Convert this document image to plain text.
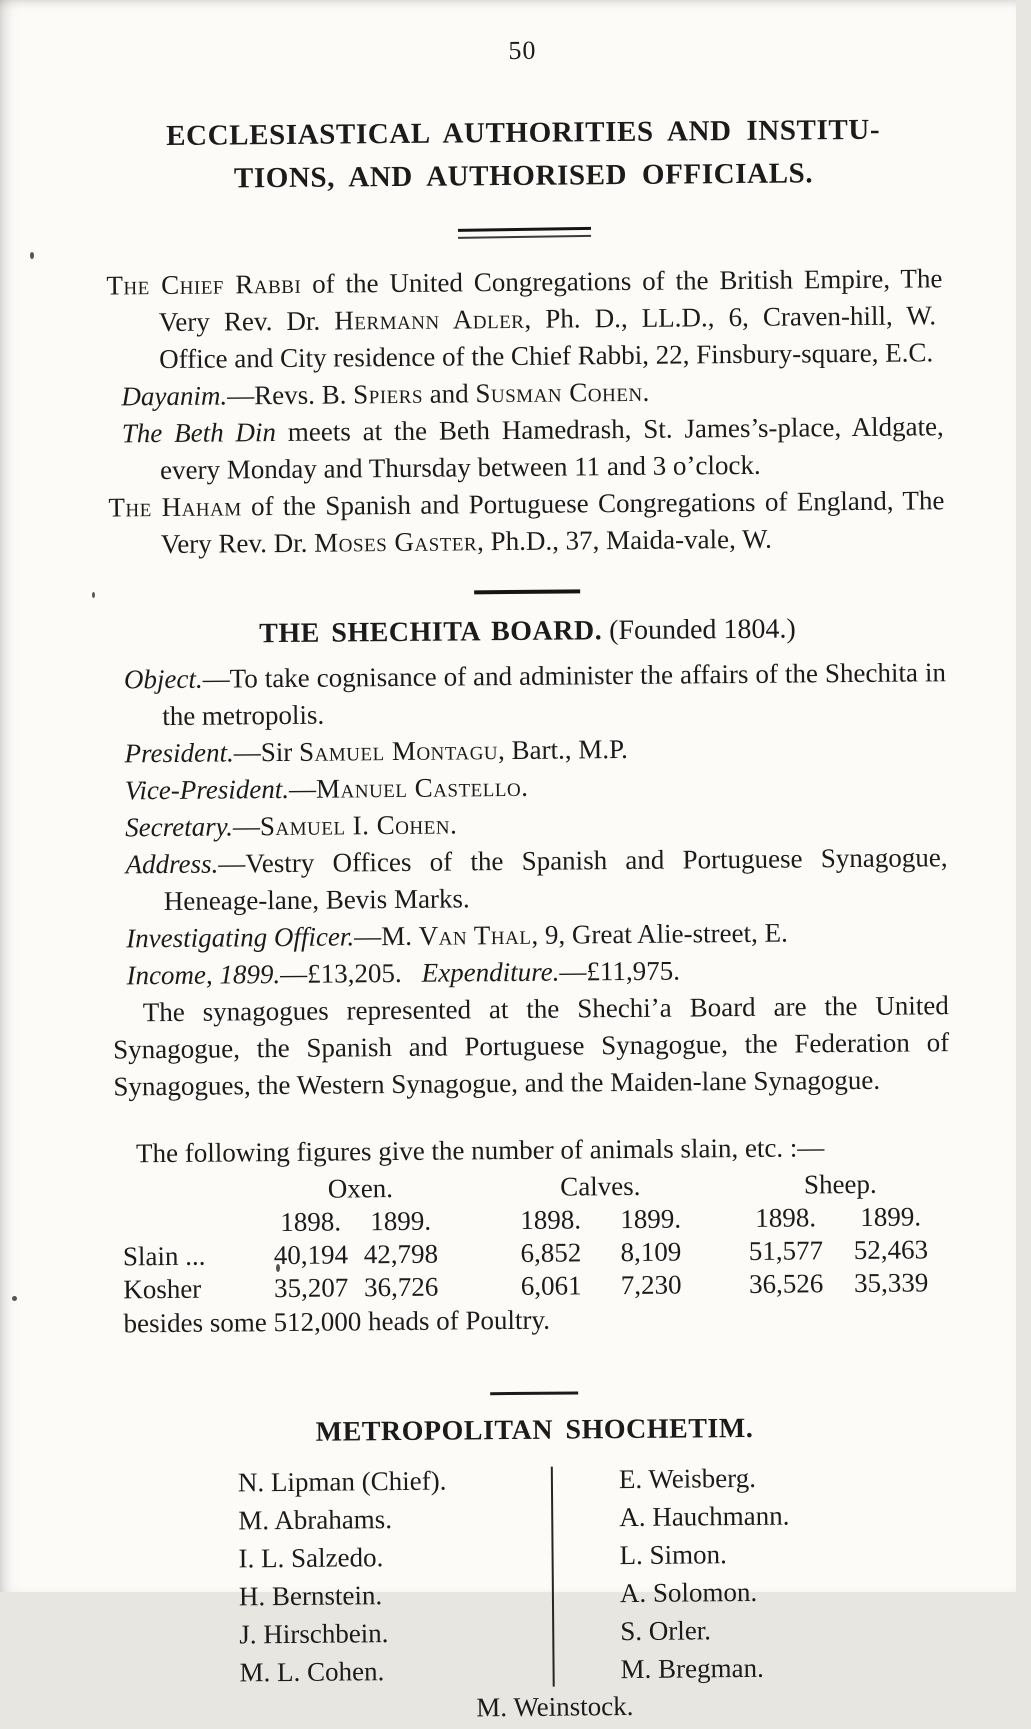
50
ECCLESIASTICAL AUTHORITIES AND INSTITU-
TIONS, AND AUTHORISED OFFICIALS.

The Chief Rabbi of the United Congregations of the British Empire, The Very Rev. Dr. Hermann Adler, Ph. D., LL.D., 6, Craven-hill, W.  Office and City residence of the Chief Rabbi, 22, Finsbury-square, E.C.

Dayanim.—Revs. B. Spiers and Susman Cohen.

The Beth Din meets at the Beth Hamedrash, St. James’s-place, Aldgate, every Monday and Thursday between 11 and 3 o’clock.

The Haham of the Spanish and Portuguese Congregations of England, The Very Rev. Dr. Moses Gaster, Ph.D., 37, Maida-vale, W.

THE SHECHITA BOARD. (Founded 1804.)

Object.—To take cognisance of and administer the affairs of the Shechita in the metropolis.

President.—Sir Samuel Montagu, Bart., M.P.

Vice-President.—Manuel Castello.

Secretary.—Samuel I. Cohen.

Address.—Vestry Offices of the Spanish and Portuguese Synagogue, Heneage-lane, Bevis Marks.

Investigating Officer.—M. Van Thal, 9, Great Alie-street, E.

Income, 1899.—£13,205. Expenditure.—£11,975.

The synagogues represented at the Shechi’a Board are the United Synagogue, the Spanish and Portuguese Synagogue, the Federation of Synagogues, the Western Synagogue, and the Maiden-lane Synagogue.

The following figures give the number of animals slain, etc. :—

Oxen.	Calves.	Sheep.
1898.	1899.	1898.	1899.	1898.	1899.
Slain ...	40,194 42,798	6,852	8,109	51,577	52,463
Kosher	35,207 36,726	6,061	7,230	36,526	35,339
besides some 512,000 heads of Poultry.
METROPOLITAN SHOCHETIM.
N. Lipman (Chief).
M. Abrahams.
I. L. Salzedo.
H. Bernstein.
J. Hirschbein.
M. L. Cohen.
E. Weisberg.
A. Hauchmann.
L. Simon.
A. Solomon.
S. Orler.
M. Bregman.
M. Weinstock.
